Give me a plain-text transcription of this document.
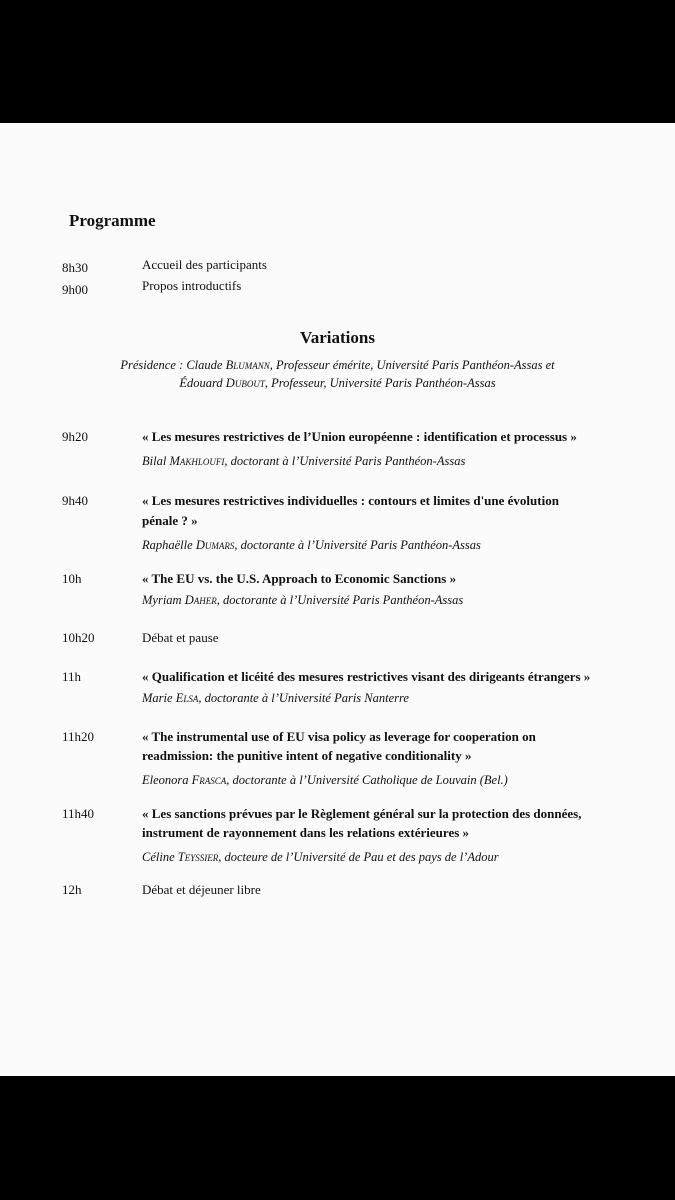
Programme
8h30	Accueil des participants
9h00	Propos introductifs
Variations
Présidence : Claude Blumann, Professeur émérite, Université Paris Panthéon-Assas et
Édouard Dubout, Professeur, Université Paris Panthéon-Assas
9h20	« Les mesures restrictives de l’Union européenne : identification et processus »
Bilal Makhloufi, doctorant à l’Université Paris Panthéon-Assas
9h40	« Les mesures restrictives individuelles : contours et limites d'une évolution
pénale ? »
Raphaëlle Dumars, doctorante à l’Université Paris Panthéon-Assas
10h	« The EU vs. the U.S. Approach to Economic Sanctions »
Myriam Daher, doctorante à l’Université Paris Panthéon-Assas
10h20	Débat et pause
11h	« Qualification et licéité des mesures restrictives visant des dirigeants étrangers »
Marie Elsa, doctorante à l’Université Paris Nanterre
11h20	« The instrumental use of EU visa policy as leverage for cooperation on
readmission: the punitive intent of negative conditionality »
Eleonora Frasca, doctorante à l’Université Catholique de Louvain (Bel.)
11h40	« Les sanctions prévues par le Règlement général sur la protection des données,
instrument de rayonnement dans les relations extérieures »
Céline Teyssier, docteure de l’Université de Pau et des pays de l’Adour
12h	Débat et déjeuner libre
